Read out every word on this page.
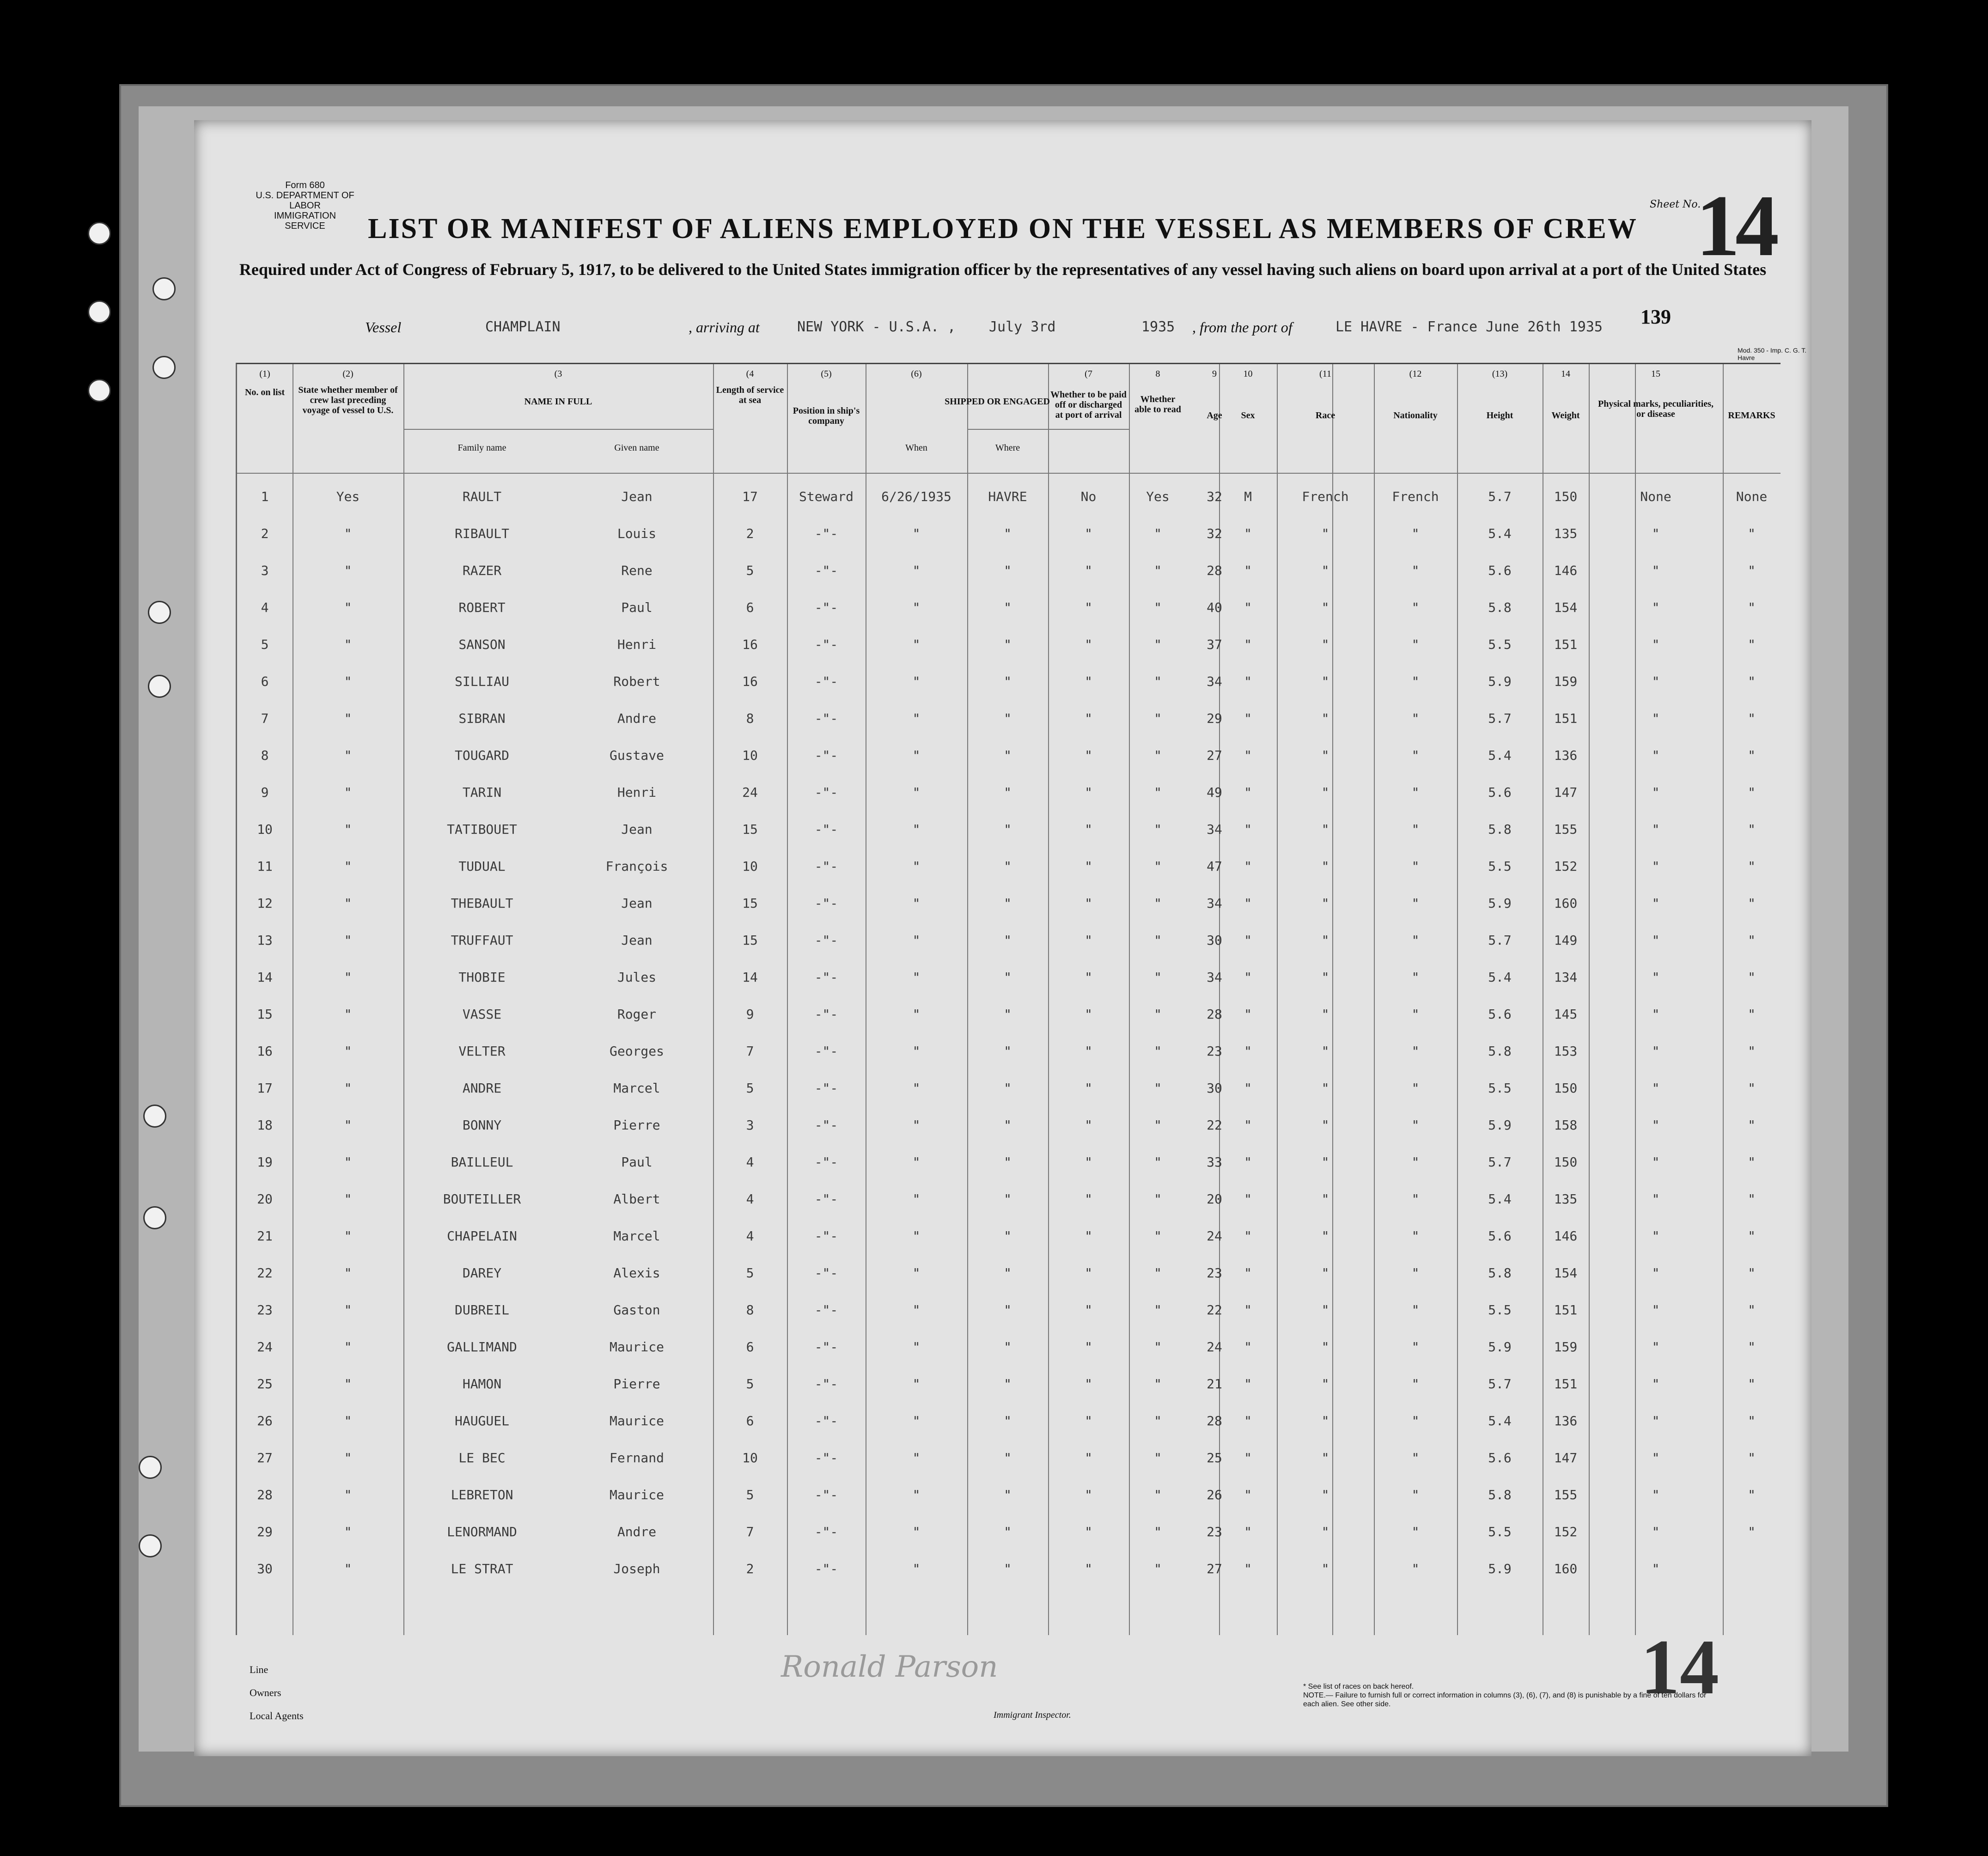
Form 680
U.S. DEPARTMENT OF LABOR
IMMIGRATION SERVICE	LIST OR MANIFEST OF ALIENS EMPLOYED ON THE VESSEL AS MEMBERS OF CREW
Sheet No.
14
Required under Act of Congress of February 5, 1917, to be delivered to the United States immigration officer by the representatives of any vessel having such aliens on board upon arrival at a port of the United States
139
Vessel	CHAMPLAIN	, arriving at	NEW YORK - U.S.A. , July 3rd	1935 , from the port of	LE HAVRE - France June 26th 1935
Mod. 350 - Imp. C. G. T. Havre
(1)
No. on list
(2)
State whether member of crew last preceding voyage of vessel to U.S.
(3
NAME IN FULL
Family name	Given name
(4
Length of service at sea
(5)
Position in ship's company
(6)
SHIPPED OR ENGAGED
When	Where
(7
Whether to be paid off or discharged at port of arrival
8
Whether able to read
9
Age
10
Sex
(11
Race
(12
Nationality
(13)
Height
14
Weight
15
Physical marks, peculiarities, or disease	REMARKS
1	Yes	RAULT	Jean	17	Steward	6/26/1935	HAVRE	No	Yes	32	M	French	French	5.7	150	None	None
2	"	RIBAULT	Louis	2	-"-	"	"	"	"	32	"	"	"	5.4	135	"	"
3	"	RAZER	Rene	5	-"-	"	"	"	"	28	"	"	"	5.6	146	"	"
4	"	ROBERT	Paul	6	-"-	"	"	"	"	40	"	"	"	5.8	154	"	"
5	"	SANSON	Henri	16	-"-	"	"	"	"	37	"	"	"	5.5	151	"	"
6	"	SILLIAU	Robert	16	-"-	"	"	"	"	34	"	"	"	5.9	159	"	"
7	"	SIBRAN	Andre	8	-"-	"	"	"	"	29	"	"	"	5.7	151	"	"
8	"	TOUGARD	Gustave	10	-"-	"	"	"	"	27	"	"	"	5.4	136	"	"
9	"	TARIN	Henri	24	-"-	"	"	"	"	49	"	"	"	5.6	147	"	"
10	"	TATIBOUET	Jean	15	-"-	"	"	"	"	34	"	"	"	5.8	155	"	"
11	"	TUDUAL	François	10	-"-	"	"	"	"	47	"	"	"	5.5	152	"	"
12	"	THEBAULT	Jean	15	-"-	"	"	"	"	34	"	"	"	5.9	160	"	"
13	"	TRUFFAUT	Jean	15	-"-	"	"	"	"	30	"	"	"	5.7	149	"	"
14	"	THOBIE	Jules	14	-"-	"	"	"	"	34	"	"	"	5.4	134	"	"
15	"	VASSE	Roger	9	-"-	"	"	"	"	28	"	"	"	5.6	145	"	"
16	"	VELTER	Georges	7	-"-	"	"	"	"	23	"	"	"	5.8	153	"	"
17	"	ANDRE	Marcel	5	-"-	"	"	"	"	30	"	"	"	5.5	150	"	"
18	"	BONNY	Pierre	3	-"-	"	"	"	"	22	"	"	"	5.9	158	"	"
19	"	BAILLEUL	Paul	4	-"-	"	"	"	"	33	"	"	"	5.7	150	"	"
20	"	BOUTEILLER	Albert	4	-"-	"	"	"	"	20	"	"	"	5.4	135	"	"
21	"	CHAPELAIN	Marcel	4	-"-	"	"	"	"	24	"	"	"	5.6	146	"	"
22	"	DAREY	Alexis	5	-"-	"	"	"	"	23	"	"	"	5.8	154	"	"
23	"	DUBREIL	Gaston	8	-"-	"	"	"	"	22	"	"	"	5.5	151	"	"
24	"	GALLIMAND	Maurice	6	-"-	"	"	"	"	24	"	"	"	5.9	159	"	"
25	"	HAMON	Pierre	5	-"-	"	"	"	"	21	"	"	"	5.7	151	"	"
26	"	HAUGUEL	Maurice	6	-"-	"	"	"	"	28	"	"	"	5.4	136	"	"
27	"	LE BEC	Fernand	10	-"-	"	"	"	"	25	"	"	"	5.6	147	"	"
28	"	LEBRETON	Maurice	5	-"-	"	"	"	"	26	"	"	"	5.8	155	"	"
29	"	LENORMAND	Andre	7	-"-	"	"	"	"	23	"	"	"	5.5	152	"	"
30	"	LE STRAT	Joseph	2	-"-	"	"	"	"	27	"	"	"	5.9	160	"
Line
Owners
Local Agents
Ronald Parson
Immigrant Inspector.
14
* See list of races on back hereof.
NOTE.— Failure to furnish full or correct information in columns (3), (6), (7), and (8) is punishable by a fine of ten dollars for each alien. See other side.
